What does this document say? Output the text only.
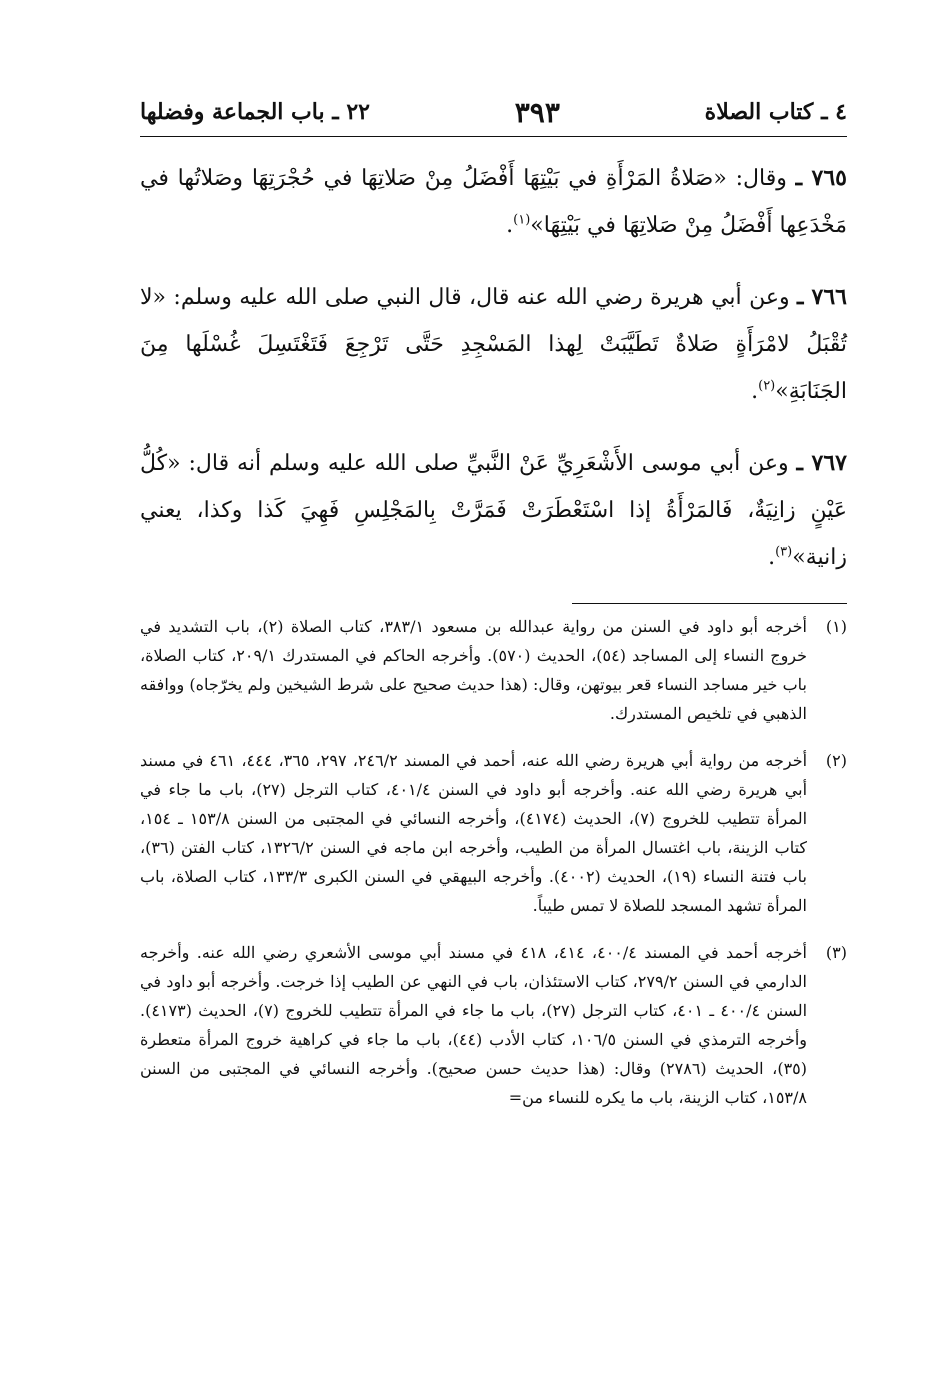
٤ ـ كتاب الصلاة
٣٩٣
٢٢ ـ باب الجماعة وفضلها

٧٦٥ ـ وقال: «صَلاةُ المَرْأَةِ في بَيْتِهَا أَفْضَلُ مِنْ صَلاتِهَا في حُجْرَتِهَا وصَلاتُها في مَخْدَعِها أَفْضَلُ مِنْ صَلاتِهَا في بَيْتِهَا»$^{(١)}$.

٧٦٦ ـ وعن أبي هريرة رضي الله عنه قال، قال النبي صلى الله عليه وسلم: «لا تُقْبَلُ لامْرَأَةٍ صَلاةٌ تَطَيَّبَتْ لِهذا المَسْجِدِ حَتَّى تَرْجِعَ فَتَغْتَسِلَ غُسْلَها مِنَ الجَنَابَةِ»$^{(٢)}$.

٧٦٧ ـ وعن أبي موسى الأَشْعَرِيِّ عَنْ النَّبيِّ صلى الله عليه وسلم أنه قال: «كُلُّ عَيْنٍ زانِيَةٌ، فَالمَرْأَةُ إذا اسْتَعْطَرَتْ فَمَرَّتْ بِالمَجْلِسِ فَهِيَ كَذا وكذا، يعني زانية»$^{(٣)}$.

(١)
أخرجه أبو داود في السنن من رواية عبدالله بن مسعود ٣٨٣/١، كتاب الصلاة (٢)، باب التشديد في خروج النساء إلى المساجد (٥٤)، الحديث (٥٧٠). وأخرجه الحاكم في المستدرك ٢٠٩/١، كتاب الصلاة، باب خير مساجد النساء قعر بيوتهن، وقال: (هذا حديث صحيح على شرط الشيخين ولم يخرّجاه) ووافقه الذهبي في تلخيص المستدرك.
(٢)
أخرجه من رواية أبي هريرة رضي الله عنه، أحمد في المسند ٢٤٦/٢، ٢٩٧، ٣٦٥، ٤٤٤، ٤٦١ في مسند أبي هريرة رضي الله عنه. وأخرجه أبو داود في السنن ٤٠١/٤، كتاب الترجل (٢٧)، باب ما جاء في المرأة تتطيب للخروج (٧)، الحديث (٤١٧٤)، وأخرجه النسائي في المجتبى من السنن ١٥٣/٨ ـ ١٥٤، كتاب الزينة، باب اغتسال المرأة من الطيب، وأخرجه ابن ماجه في السنن ١٣٢٦/٢، كتاب الفتن (٣٦)، باب فتنة النساء (١٩)، الحديث (٤٠٠٢). وأخرجه البيهقي في السنن الكبرى ١٣٣/٣، كتاب الصلاة، باب المرأة تشهد المسجد للصلاة لا تمس طيباً.
(٣)
أخرجه أحمد في المسند ٤٠٠/٤، ٤١٤، ٤١٨ في مسند أبي موسى الأشعري رضي الله عنه. وأخرجه الدارمي في السنن ٢٧٩/٢، كتاب الاستئذان، باب في النهي عن الطيب إذا خرجت. وأخرجه أبو داود في السنن ٤٠٠/٤ ـ ٤٠١، كتاب الترجل (٢٧)، باب ما جاء في المرأة تتطيب للخروج (٧)، الحديث (٤١٧٣). وأخرجه الترمذي في السنن ١٠٦/٥، كتاب الأدب (٤٤)، باب ما جاء في كراهية خروج المرأة متعطرة (٣٥)، الحديث (٢٧٨٦) وقال: (هذا حديث حسن صحيح). وأخرجه النسائي في المجتبى من السنن ١٥٣/٨، كتاب الزينة، باب ما يكره للنساء من=
